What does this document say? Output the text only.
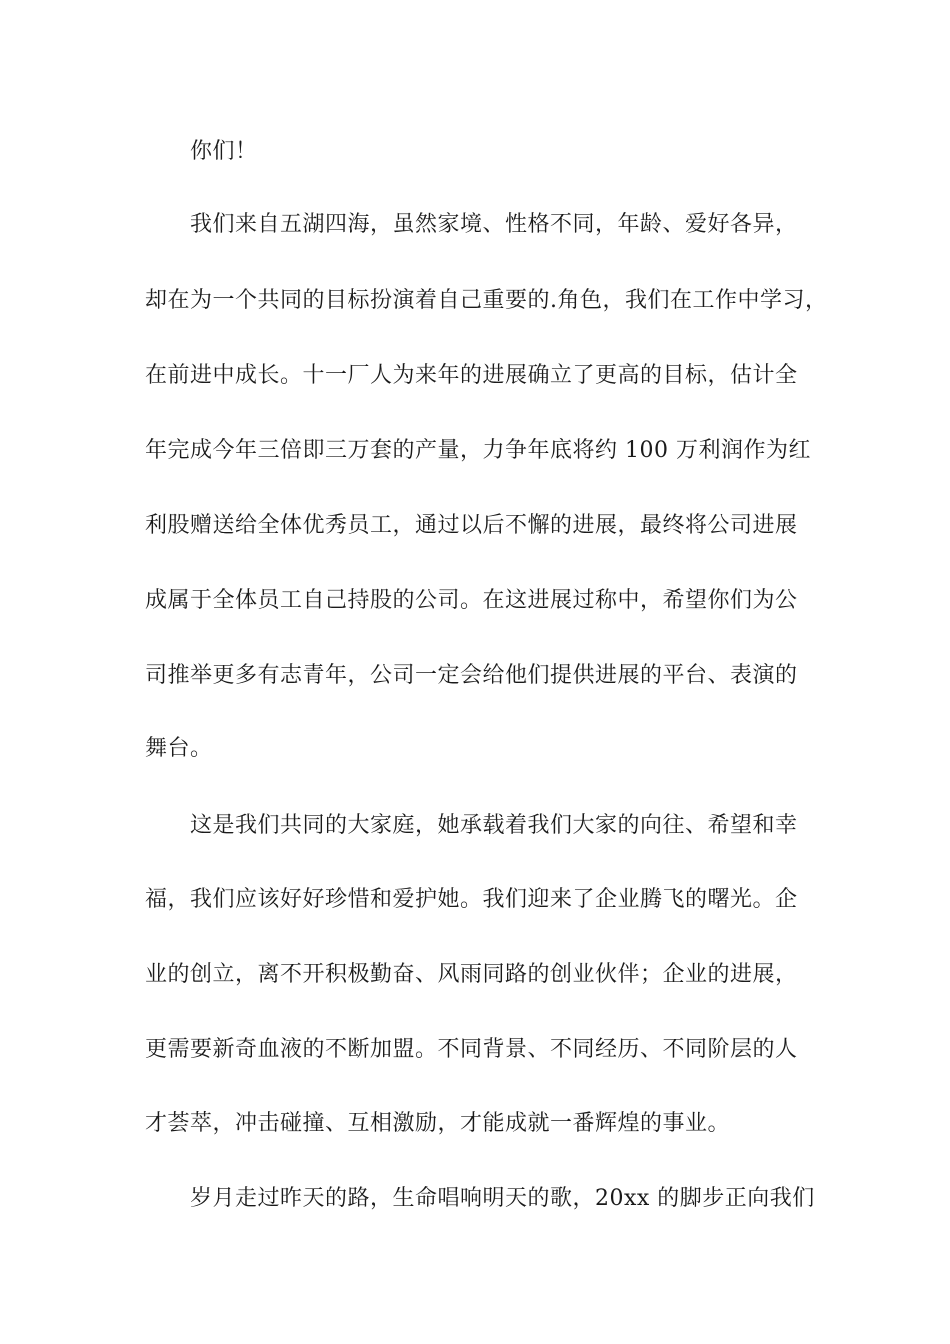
你们！

我们来自五湖四海，虽然家境、性格不同，年龄、爱好各异，

却在为一个共同的目标扮演着自己重要的.角色，我们在工作中学习，

在前进中成长。十一厂人为来年的进展确立了更高的目标，估计全

年完成今年三倍即三万套的产量，力争年底将约 100 万利润作为红

利股赠送给全体优秀员工，通过以后不懈的进展，最终将公司进展

成属于全体员工自己持股的公司。在这进展过称中，希望你们为公

司推举更多有志青年，公司一定会给他们提供进展的平台、表演的

舞台。

这是我们共同的大家庭，她承载着我们大家的向往、希望和幸

福，我们应该好好珍惜和爱护她。我们迎来了企业腾飞的曙光。企

业的创立，离不开积极勤奋、风雨同路的创业伙伴；企业的进展，

更需要新奇血液的不断加盟。不同背景、不同经历、不同阶层的人

才荟萃，冲击碰撞、互相激励，才能成就一番辉煌的事业。

岁月走过昨天的路，生命唱响明天的歌，20xx 的脚步正向我们
